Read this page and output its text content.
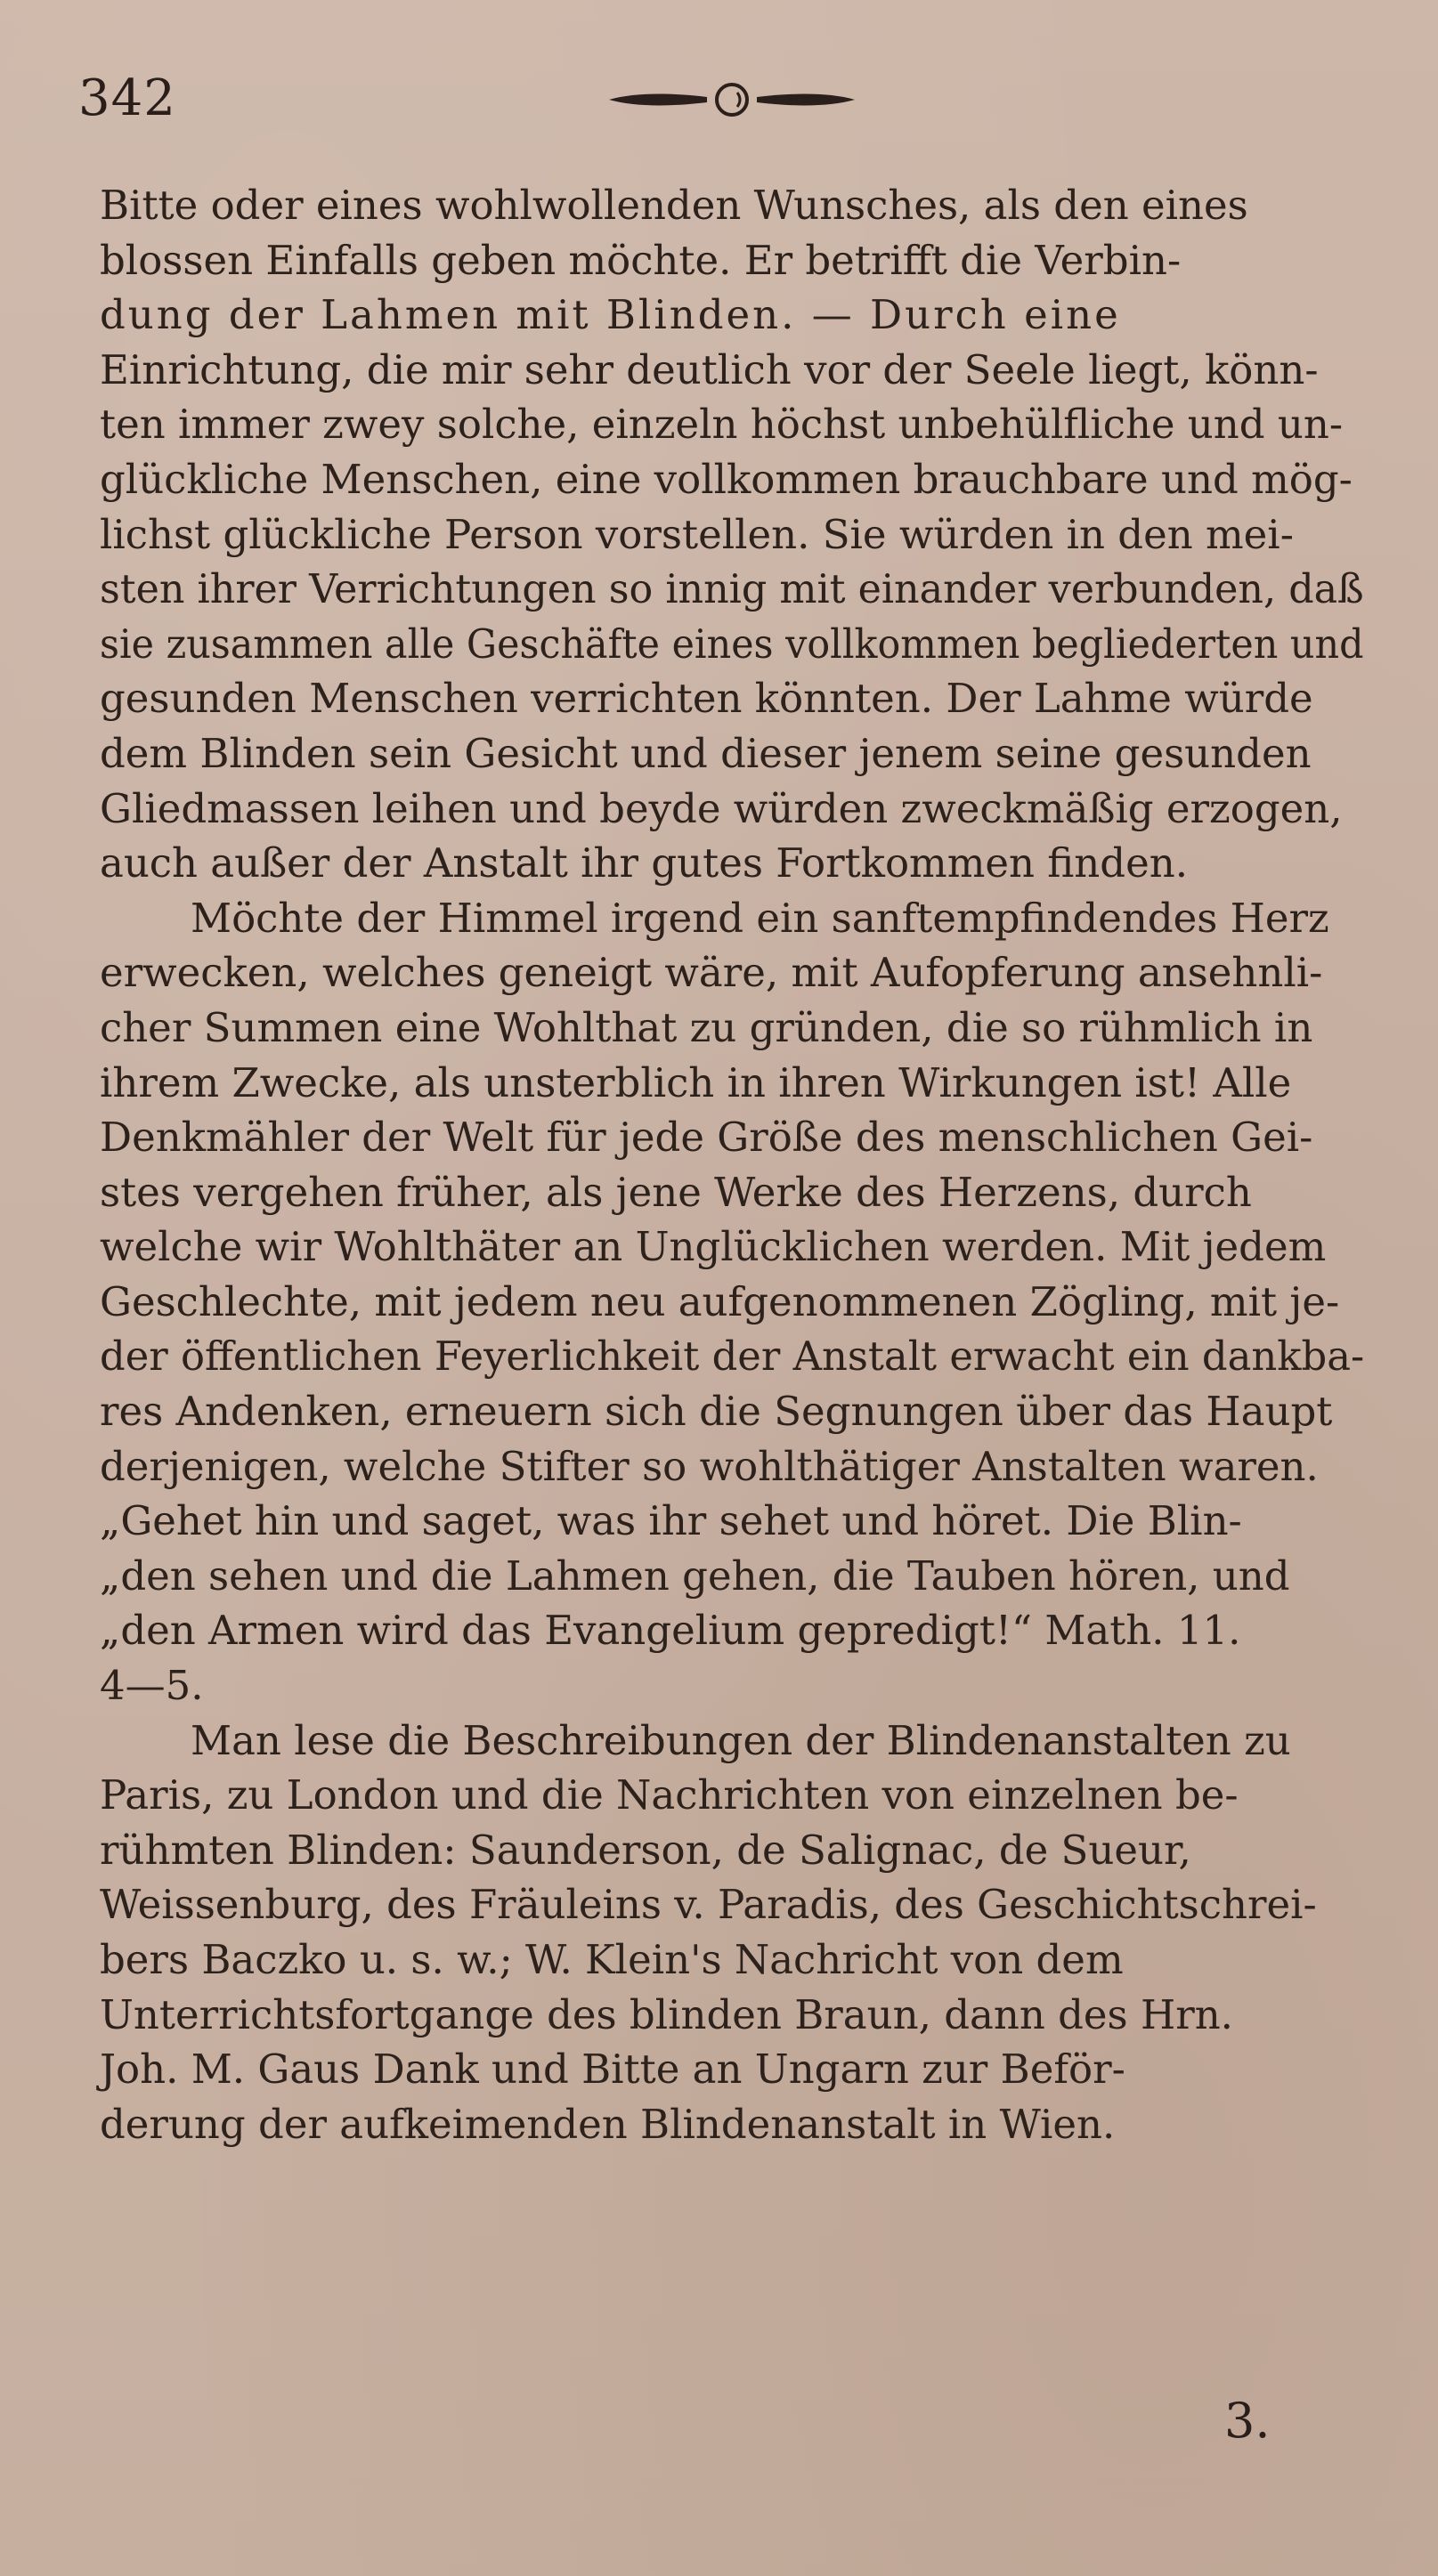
342
Bitte oder eines wohlwollenden Wunsches, als den eines
blossen Einfalls geben möchte. Er betrifft die Verbin-
dung der Lahmen mit Blinden. — Durch eine
Einrichtung, die mir sehr deutlich vor der Seele liegt, könn-
ten immer zwey solche, einzeln höchst unbehülfliche und un-
glückliche Menschen, eine vollkommen brauchbare und mög-
lichst glückliche Person vorstellen. Sie würden in den mei-
sten ihrer Verrichtungen so innig mit einander verbunden, daß
sie zusammen alle Geschäfte eines vollkommen begliederten und
gesunden Menschen verrichten könnten. Der Lahme würde
dem Blinden sein Gesicht und dieser jenem seine gesunden
Gliedmassen leihen und beyde würden zweckmäßig erzogen,
auch außer der Anstalt ihr gutes Fortkommen finden.
Möchte der Himmel irgend ein sanftempfindendes Herz
erwecken, welches geneigt wäre, mit Aufopferung ansehnli-
cher Summen eine Wohlthat zu gründen, die so rühmlich in
ihrem Zwecke, als unsterblich in ihren Wirkungen ist! Alle
Denkmähler der Welt für jede Größe des menschlichen Gei-
stes vergehen früher, als jene Werke des Herzens, durch
welche wir Wohlthäter an Unglücklichen werden. Mit jedem
Geschlechte, mit jedem neu aufgenommenen Zögling, mit je-
der öffentlichen Feyerlichkeit der Anstalt erwacht ein dankba-
res Andenken, erneuern sich die Segnungen über das Haupt
derjenigen, welche Stifter so wohlthätiger Anstalten waren.
„Gehet hin und saget, was ihr sehet und höret. Die Blin-
„den sehen und die Lahmen gehen, die Tauben hören, und
„den Armen wird das Evangelium gepredigt!“ Math. 11.
4—5.
Man lese die Beschreibungen der Blindenanstalten zu
Paris, zu London und die Nachrichten von einzelnen be-
rühmten Blinden: Saunderson, de Salignac, de Sueur,
Weissenburg, des Fräuleins v. Paradis, des Geschichtschrei-
bers Baczko u. s. w.; W. Klein's Nachricht von dem
Unterrichtsfortgange des blinden Braun, dann des Hrn.
Joh. M. Gaus Dank und Bitte an Ungarn zur Beför-
derung der aufkeimenden Blindenanstalt in Wien.
3.
